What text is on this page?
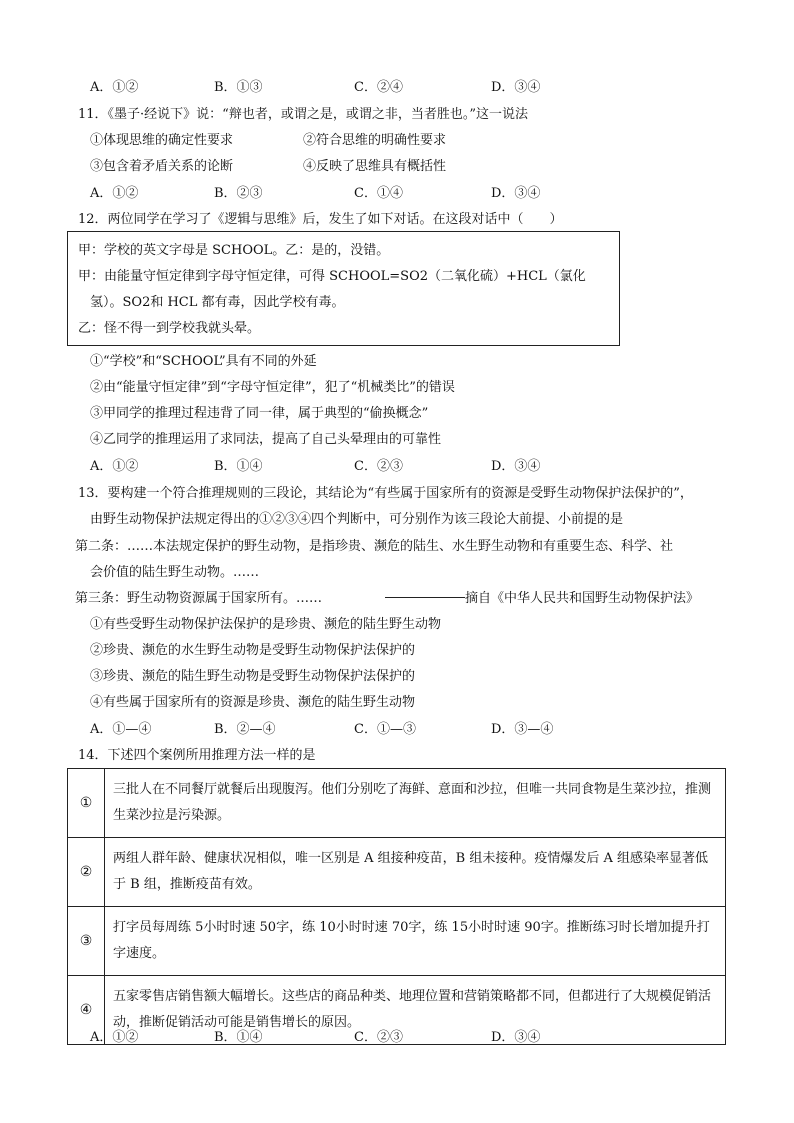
A．①②	B．①③	C．②④	D．③④
11．《墨子·经说下》说：“辩也者，或谓之是，或谓之非，当者胜也。”这一说法
①体现思维的确定性要求	②符合思维的明确性要求
③包含着矛盾关系的论断	④反映了思维具有概括性
A．①②	B．②③	C．①④	D．③④
12．两位同学在学习了《逻辑与思维》后，发生了如下对话。在这段对话中（　　）
甲：学校的英文字母是 SCHOOL。乙：是的，没错。
甲：由能量守恒定律到字母守恒定律，可得 SCHOOL=SO2（二氧化硫）+HCL（氯化
氢）。SO2和 HCL 都有毒，因此学校有毒。
乙：怪不得一到学校我就头晕。
①“学校”和“SCHOOL”具有不同的外延
②由“能量守恒定律”到“字母守恒定律”，犯了“机械类比”的错误
③甲同学的推理过程违背了同一律，属于典型的“偷换概念”
④乙同学的推理运用了求同法，提高了自己头晕理由的可靠性
A．①②	B．①④	C．②③	D．③④
13．要构建一个符合推理规则的三段论，其结论为“有些属于国家所有的资源是受野生动物保护法保护的”，
由野生动物保护法规定得出的①②③④四个判断中，可分别作为该三段论大前提、小前提的是
第二条：……本法规定保护的野生动物，是指珍贵、濒危的陆生、水生野生动物和有重要生态、科学、社
会价值的陆生野生动物。……
第三条：野生动物资源属于国家所有。……	摘自《中华人民共和国野生动物保护法》
①有些受野生动物保护法保护的是珍贵、濒危的陆生野生动物
②珍贵、濒危的水生野生动物是受野生动物保护法保护的
③珍贵、濒危的陆生野生动物是受野生动物保护法保护的
④有些属于国家所有的资源是珍贵、濒危的陆生野生动物
A．①—④	B．②—④	C．①—③	D．③—④
14．下述四个案例所用推理方法一样的是
①	三批人在不同餐厅就餐后出现腹泻。他们分别吃了海鲜、意面和沙拉，但唯一共同食物是生菜沙拉，推测生菜沙拉是污染源。
②	两组人群年龄、健康状况相似，唯一区别是 A 组接种疫苗，B 组未接种。疫情爆发后 A 组感染率显著低于 B 组，推断疫苗有效。
③	打字员每周练 5小时时速 50字，练 10小时时速 70字，练 15小时时速 90字。推断练习时长增加提升打字速度。
④	五家零售店销售额大幅增长。这些店的商品种类、地理位置和营销策略都不同，但都进行了大规模促销活动，推断促销活动可能是销售增长的原因。
A．①②	B．①④	C．②③	D．③④
